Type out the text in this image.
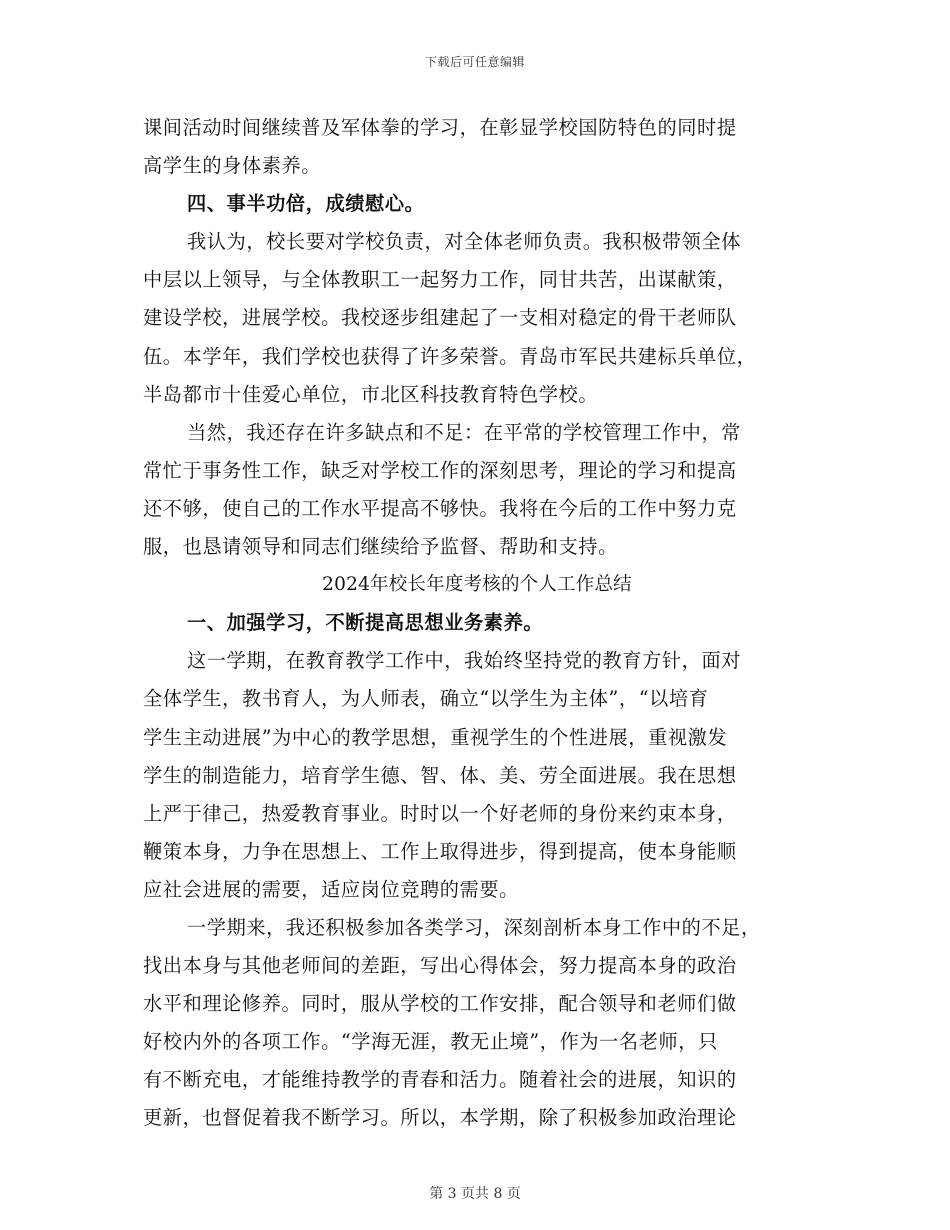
下载后可任意编辑
课间活动时间继续普及军体拳的学习，在彰显学校国防特色的同时提
高学生的身体素养。
四、事半功倍，成绩慰心。
我认为，校长要对学校负责，对全体老师负责。我积极带领全体
中层以上领导，与全体教职工一起努力工作，同甘共苦，出谋献策，
建设学校，进展学校。我校逐步组建起了一支相对稳定的骨干老师队
伍。本学年，我们学校也获得了许多荣誉。青岛市军民共建标兵单位，
半岛都市十佳爱心单位，市北区科技教育特色学校。
当然，我还存在许多缺点和不足：在平常的学校管理工作中，常
常忙于事务性工作，缺乏对学校工作的深刻思考，理论的学习和提高
还不够，使自己的工作水平提高不够快。我将在今后的工作中努力克
服，也恳请领导和同志们继续给予监督、帮助和支持。
2024年校长年度考核的个人工作总结
一、加强学习，不断提高思想业务素养。
这一学期，在教育教学工作中，我始终坚持党的教育方针，面对
全体学生，教书育人，为人师表，确立“以学生为主体”，“以培育
学生主动进展”为中心的教学思想，重视学生的个性进展，重视激发
学生的制造能力，培育学生德、智、体、美、劳全面进展。我在思想
上严于律己，热爱教育事业。时时以一个好老师的身份来约束本身，
鞭策本身，力争在思想上、工作上取得进步，得到提高，使本身能顺
应社会进展的需要，适应岗位竞聘的需要。
一学期来，我还积极参加各类学习，深刻剖析本身工作中的不足，
找出本身与其他老师间的差距，写出心得体会，努力提高本身的政治
水平和理论修养。同时，服从学校的工作安排，配合领导和老师们做
好校内外的各项工作。“学海无涯，教无止境”，作为一名老师，只
有不断充电，才能维持教学的青春和活力。随着社会的进展，知识的
更新，也督促着我不断学习。所以，本学期，除了积极参加政治理论
第 3 页共 8 页
